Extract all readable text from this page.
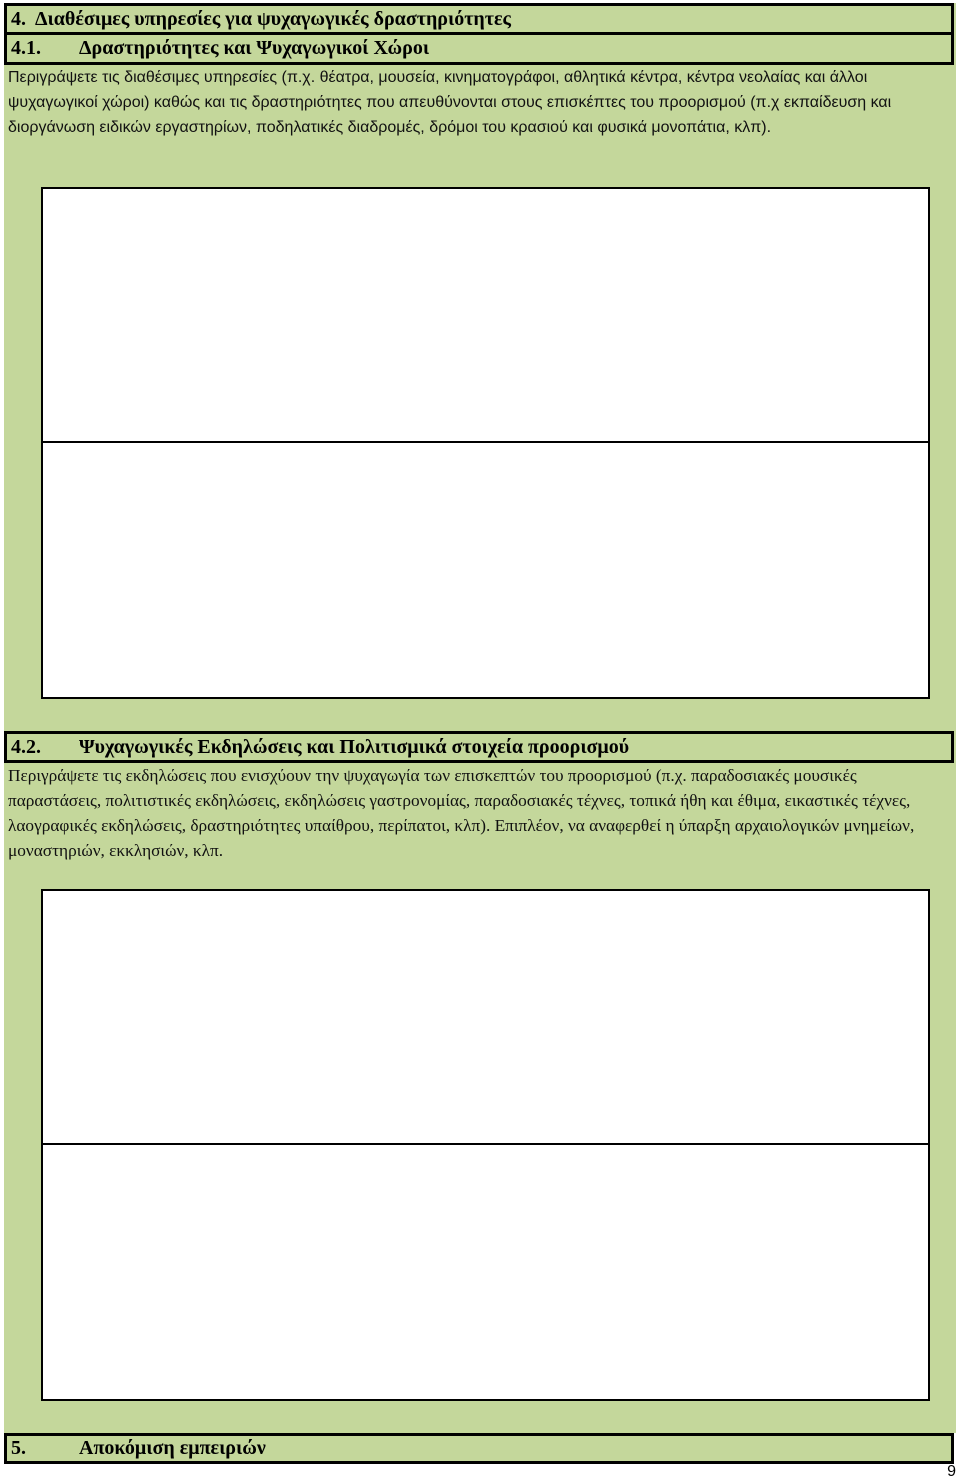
4. Διαθέσιμες υπηρεσίες για ψυχαγωγικές δραστηριότητες
4.1.	Δραστηριότητες και Ψυχαγωγικοί Χώροι
Περιγράψετε τις διαθέσιμες υπηρεσίες (π.χ. θέατρα, μουσεία, κινηματογράφοι, αθλητικά κέντρα, κέντρα νεολαίας και άλλοι ψυχαγωγικοί χώροι) καθώς και τις δραστηριότητες που απευθύνονται στους επισκέπτες του προορισμού (π.χ εκπαίδευση και διοργάνωση ειδικών εργαστηρίων, ποδηλατικές διαδρομές, δρόμοι του κρασιού και φυσικά μονοπάτια, κλπ).
4.2.	Ψυχαγωγικές Εκδηλώσεις και Πολιτισμικά στοιχεία προορισμού
Περιγράψετε τις εκδηλώσεις που ενισχύουν την ψυχαγωγία των επισκεπτών του προορισμού (π.χ. παραδοσιακές μουσικές παραστάσεις, πολιτιστικές εκδηλώσεις, εκδηλώσεις γαστρονομίας, παραδοσιακές τέχνες, τοπικά ήθη και έθιμα, εικαστικές τέχνες, λαογραφικές εκδηλώσεις, δραστηριότητες υπαίθρου, περίπατοι, κλπ). Επιπλέον, να αναφερθεί η ύπαρξη αρχαιολογικών μνημείων, μοναστηριών, εκκλησιών, κλπ.
5.	Αποκόμιση εμπειριών
9
